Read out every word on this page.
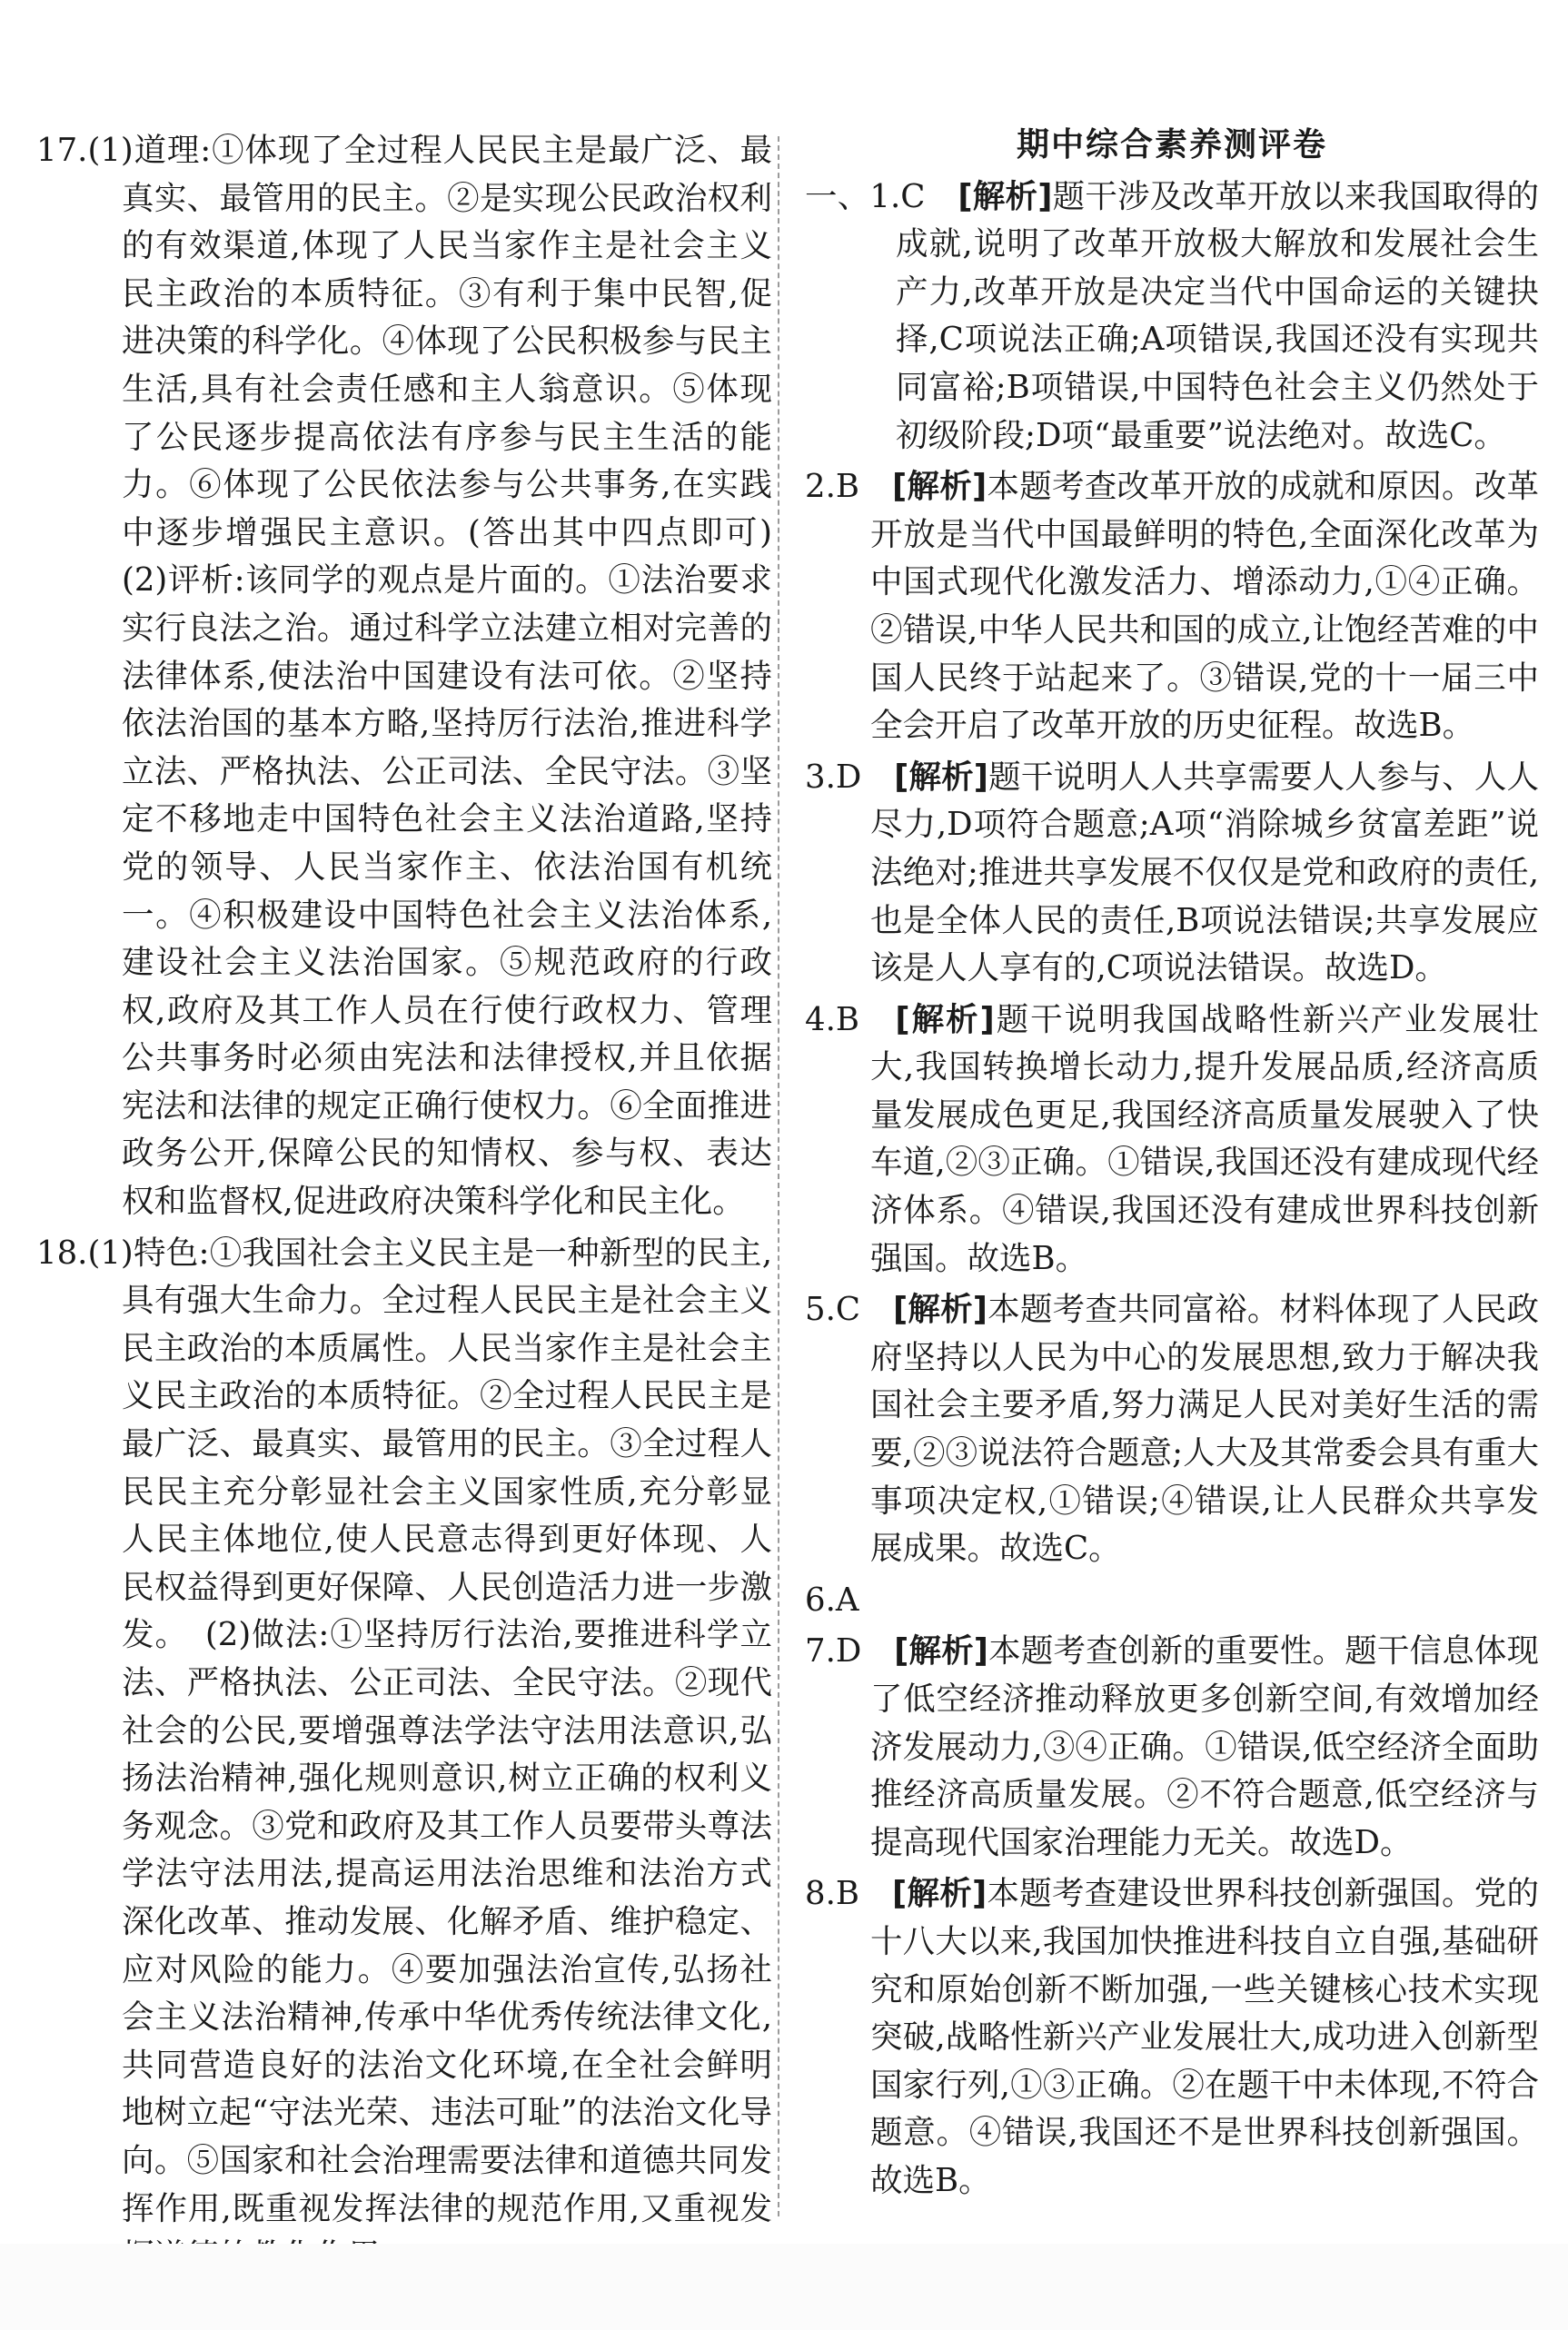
17.(1)道理:①体现了全过程人民民主是最广泛、最真实、最管用的民主。②是实现公民政治权利的有效渠道,体现了人民当家作主是社会主义民主政治的本质特征。③有利于集中民智,促进决策的科学化。④体现了公民积极参与民主生活,具有社会责任感和主人翁意识。⑤体现了公民逐步提高依法有序参与民主生活的能力。⑥体现了公民依法参与公共事务,在实践中逐步增强民主意识。(答出其中四点即可)　(2)评析:该同学的观点是片面的。①法治要求实行良法之治。通过科学立法建立相对完善的法律体系,使法治中国建设有法可依。②坚持依法治国的基本方略,坚持厉行法治,推进科学立法、严格执法、公正司法、全民守法。③坚定不移地走中国特色社会主义法治道路,坚持党的领导、人民当家作主、依法治国有机统一。④积极建设中国特色社会主义法治体系,建设社会主义法治国家。⑤规范政府的行政权,政府及其工作人员在行使行政权力、管理公共事务时必须由宪法和法律授权,并且依据宪法和法律的规定正确行使权力。⑥全面推进政务公开,保障公民的知情权、参与权、表达权和监督权,促进政府决策科学化和民主化。

18.(1)特色:①我国社会主义民主是一种新型的民主,具有强大生命力。全过程人民民主是社会主义民主政治的本质属性。人民当家作主是社会主义民主政治的本质特征。②全过程人民民主是最广泛、最真实、最管用的民主。③全过程人民民主充分彰显社会主义国家性质,充分彰显人民主体地位,使人民意志得到更好体现、人民权益得到更好保障、人民创造活力进一步激发。　(2)做法:①坚持厉行法治,要推进科学立法、严格执法、公正司法、全民守法。②现代社会的公民,要增强尊法学法守法用法意识,弘扬法治精神,强化规则意识,树立正确的权利义务观念。③党和政府及其工作人员要带头尊法学法守法用法,提高运用法治思维和法治方式深化改革、推动发展、化解矛盾、维护稳定、应对风险的能力。④要加强法治宣传,弘扬社会主义法治精神,传承中华优秀传统法律文化,共同营造良好的法治文化环境,在全社会鲜明地树立起“守法光荣、违法可耻”的法治文化导向。⑤国家和社会治理需要法律和道德共同发挥作用,既重视发挥法律的规范作用,又重视发

期中综合素养测评卷

一、1.C　 [解析]题干涉及改革开放以来我国取得的成就,说明了改革开放极大解放和发展社会生产力,改革开放是决定当代中国命运的关键抉择,C项说法正确;A项错误,我国还没有实现共同富裕;B项错误,中国特色社会主义仍然处于初级阶段;D项“最重要”说法绝对。故选C。

2.B　 [解析]本题考查改革开放的成就和原因。改革开放是当代中国最鲜明的特色,全面深化改革为中国式现代化激发活力、增添动力,①④正确。②错误,中华人民共和国的成立,让饱经苦难的中国人民终于站起来了。③错误,党的十一届三中全会开启了改革开放的历史征程。故选B。

3.D　 [解析]题干说明人人共享需要人人参与、人人尽力,D项符合题意;A项“消除城乡贫富差距”说法绝对;推进共享发展不仅仅是党和政府的责任,也是全体人民的责任,B项说法错误;共享发展应该是人人享有的,C项说法错误。故选D。

4.B　 [解析]题干说明我国战略性新兴产业发展壮大,我国转换增长动力,提升发展品质,经济高质量发展成色更足,我国经济高质量发展驶入了快车道,②③正确。①错误,我国还没有建成现代经济体系。④错误,我国还没有建成世界科技创新强国。故选B。

5.C　 [解析]本题考查共同富裕。材料体现了人民政府坚持以人民为中心的发展思想,致力于解决我国社会主要矛盾,努力满足人民对美好生活的需要,②③说法符合题意;人大及其常委会具有重大事项决定权,①错误;④错误,让人民群众共享发展成果。故选C。

6.A

7.D　 [解析]本题考查创新的重要性。题干信息体现了低空经济推动释放更多创新空间,有效增加经济发展动力,③④正确。①错误,低空经济全面助推经济高质量发展。②不符合题意,低空经济与提高现代国家治理能力无关。故选D。

8.B　 [解析]本题考查建设世界科技创新强国。党的十八大以来,我国加快推进科技自立自强,基础研究和原始创新不断加强,一些关键核心技术实现突破,战略性新兴产业发展壮大,成功进入创新型国家行列,①③正确。②在题干中未体现,不符合题意。④错误,我国还不是世界科技创新强国。故选B。
